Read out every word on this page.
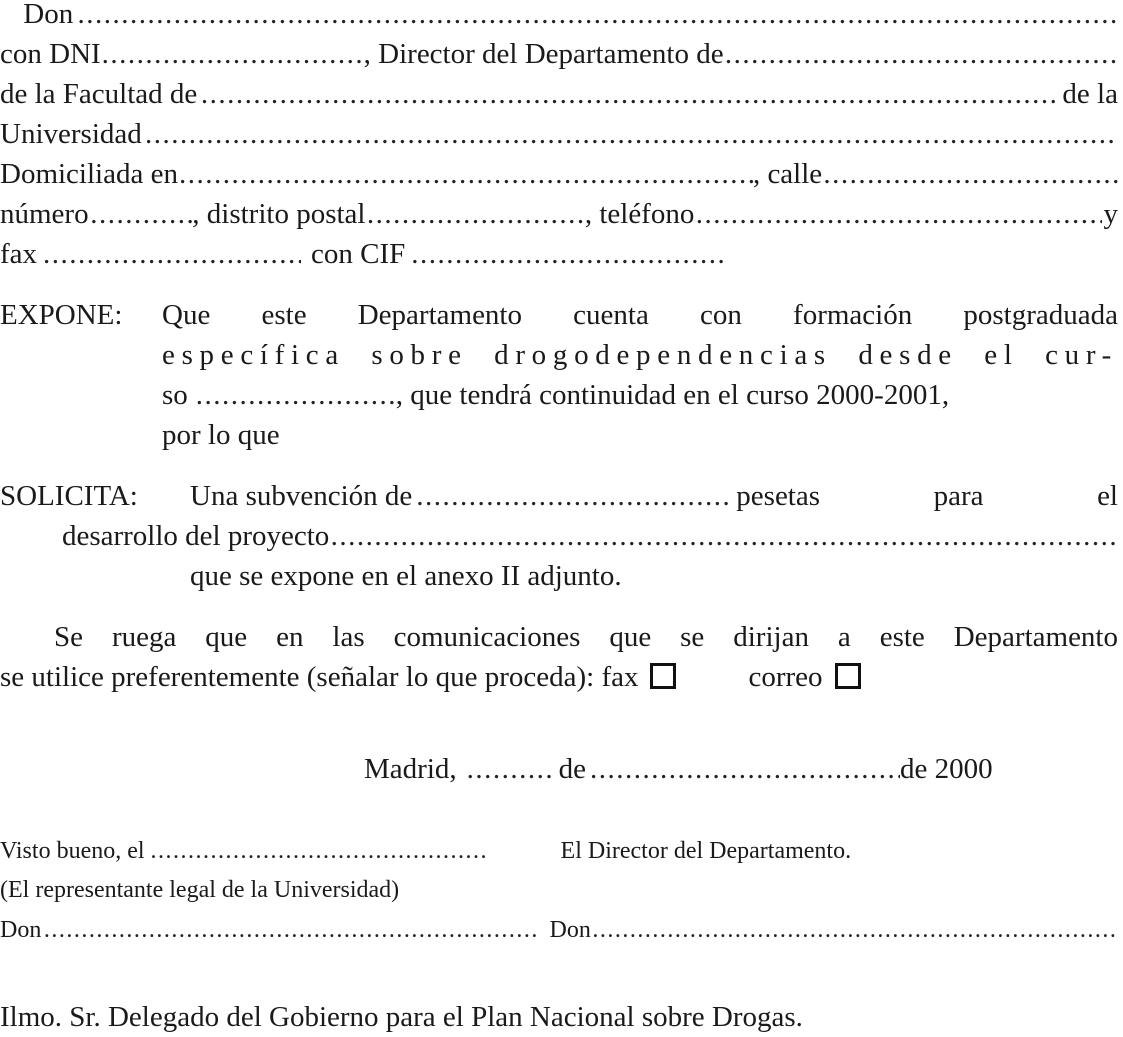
Don
.....
con DNI .....	, Director del Departamento de
.....
de la Facultad de .....	de la
Universidad
.....
Domiciliada en .....	, calle
.....
número .....	, distrito postal .....	, teléfono .....	y
fax .....	con CIF
.....
EXPONE:	Que este Departamento cuenta con formación postgraduada
específica sobre drogodependencias desde el cur-
so .....	, que tendrá continuidad en el curso 2000-2001,
por lo que
SOLICITA:	Una subvención de .....	pesetas para el
desarrollo del proyecto
.....
que se expone en el anexo II adjunto.
Se ruega que en las comunicaciones que se dirijan a este Departamento
se utilice preferentemente (señalar lo que proceda): fax	correo
Madrid, .....	de .....	de 2000
Visto bueno, el .....	El Director del Departamento.
(El representante legal de la Universidad)
Don .....	Don
.....
Ilmo. Sr. Delegado del Gobierno para el Plan Nacional sobre Drogas.
